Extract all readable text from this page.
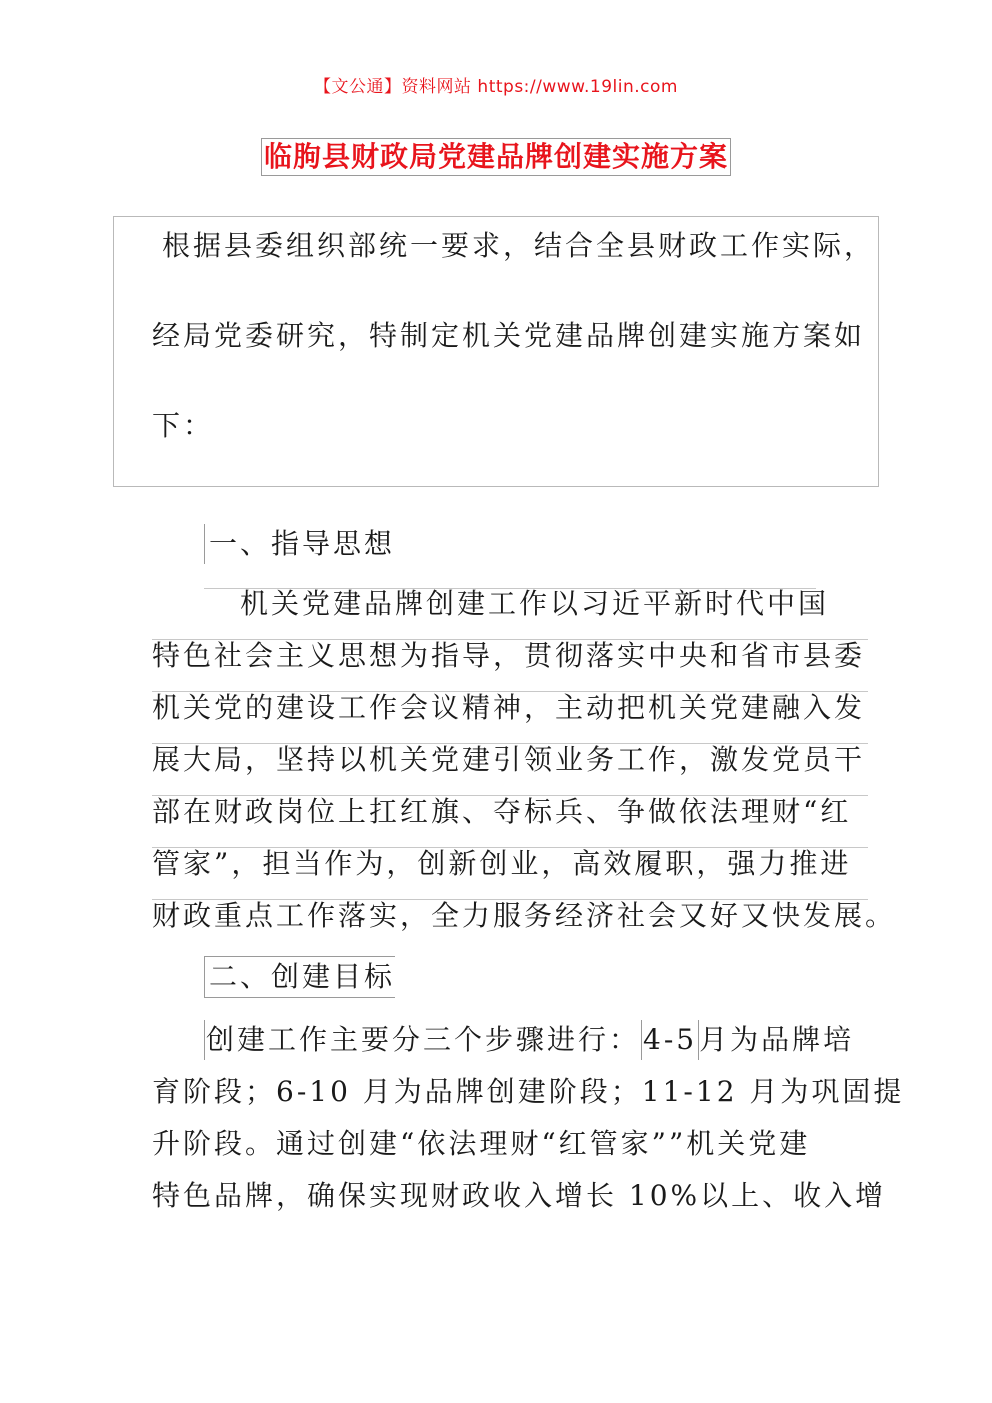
【文公通】资料网站 https://www.19lin.com
临朐县财政局党建品牌创建实施方案
根据县委组织部统一要求，结合全县财政工作实际，
经局党委研究，特制定机关党建品牌创建实施方案如
下：
一、指导思想
机关党建品牌创建工作以习近平新时代中国
特色社会主义思想为指导，贯彻落实中央和省市县委
机关党的建设工作会议精神，主动把机关党建融入发
展大局，坚持以机关党建引领业务工作，激发党员干
部在财政岗位上扛红旗、夺标兵、争做依法理财“红
管家”，担当作为，创新创业，高效履职，强力推进
财政重点工作落实，全力服务经济社会又好又快发展。
二、创建目标
创建工作主要分三个步骤进行： 4-5月为品牌培
育阶段；6-10 月为品牌创建阶段；11-12 月为巩固提
升阶段。通过创建“依法理财“红管家””机关党建
特色品牌，确保实现财政收入增长 10%以上、收入增
